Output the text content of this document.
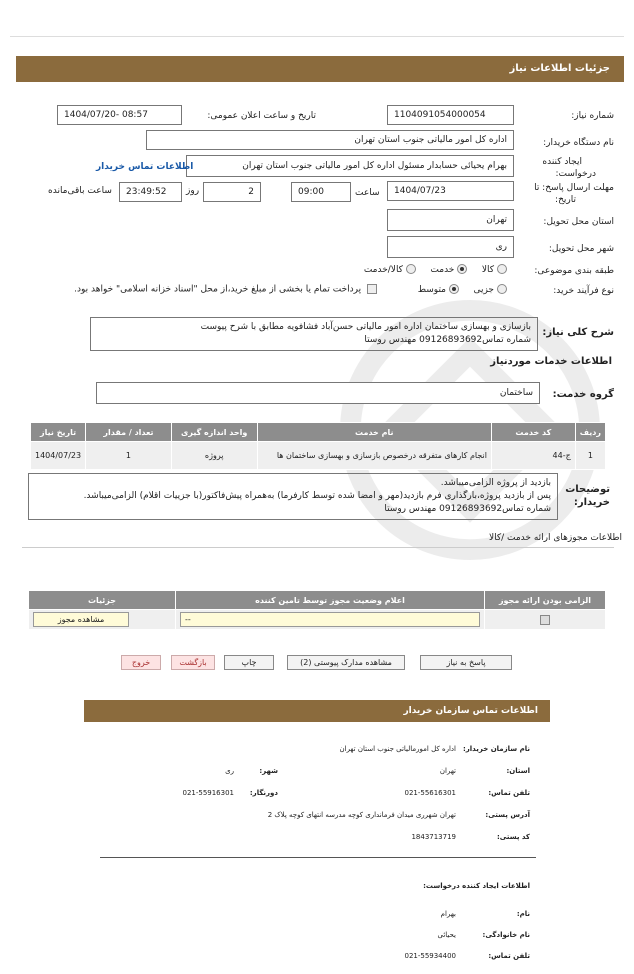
جزئیات اطلاعات نیاز
شماره نیاز:
1104091054000054
تاریخ و ساعت اعلان عمومی:
1404/07/20- 08:57
نام دستگاه خریدار:
اداره کل امور مالیاتی جنوب استان تهران
ایجاد کننده
درخواست:
بهرام یحیائی حسابدار مسئول اداره کل امور مالیاتی جنوب استان تهران
اطلاعات تماس خریدار
مهلت ارسال پاسخ: تا
تاریخ:
1404/07/23
ساعت
09:00
2
روز
23:49:52
ساعت باقی‌مانده
استان محل تحویل:
تهران
شهر محل تحویل:
ری
طبقه بندی موضوعی:
کالا    خدمت    کالا/خدمت
نوع فرآیند خرید:
جزیی    متوسط
پرداخت تمام یا بخشی از مبلغ خرید،از محل "اسناد خزانه اسلامی" خواهد بود.
شرح کلی نیاز:
بازسازی و بهسازی ساختمان اداره امور مالیاتی حسن‌آباد فشافویه مطابق با شرح پیوست
شماره تماس09126893692 مهندس روستا
اطلاعات خدمات موردنیاز
گروه خدمت:
ساختمان
ردیف	کد خدمت	نام خدمت	واحد اندازه گیری	تعداد / مقدار	تاریخ نیاز
1	ج-44	انجام کارهای متفرقه درخصوص بازسازی و بهسازی ساختمان ها	پروژه	1	1404/07/23
توضیحات
خریدار:
بازدید از پروژه الزامی‌میباشد.
پس از بازدید پروژه،بارگذاری فرم بازدید(مهر و امضا شده توسط کارفرما) به‌همراه پیش‌فاکتور(با جزییات اقلام) الزامی‌میباشد.
شماره تماس09126893692 مهندس روستا
اطلاعات مجوزهای ارائه خدمت /کالا
الزامی بودن ارائه مجوز	اعلام وضعیت مجوز توسط تامین کننده	جزئیات

	--	مشاهده مجوز
پاسخ به نیاز
مشاهده مدارک پیوستی (2)
چاپ
بازگشت
خروج
اطلاعات تماس سازمان خریدار
نام سازمان خریدار:
اداره کل امورمالیاتی جنوب استان تهران
استان:
تهران
شهر:
ری
تلفن تماس:
021-55616301
دورنگار:
021-55916301
آدرس پستی:
تهران شهرری میدان فرمانداری کوچه مدرسه انتهای کوچه پلاک 2
کد پستی:
1843713719
اطلاعات ایجاد کننده درخواست:
نام:
بهرام
نام خانوادگی:
یحیائی
تلفن تماس:
021-55934400
